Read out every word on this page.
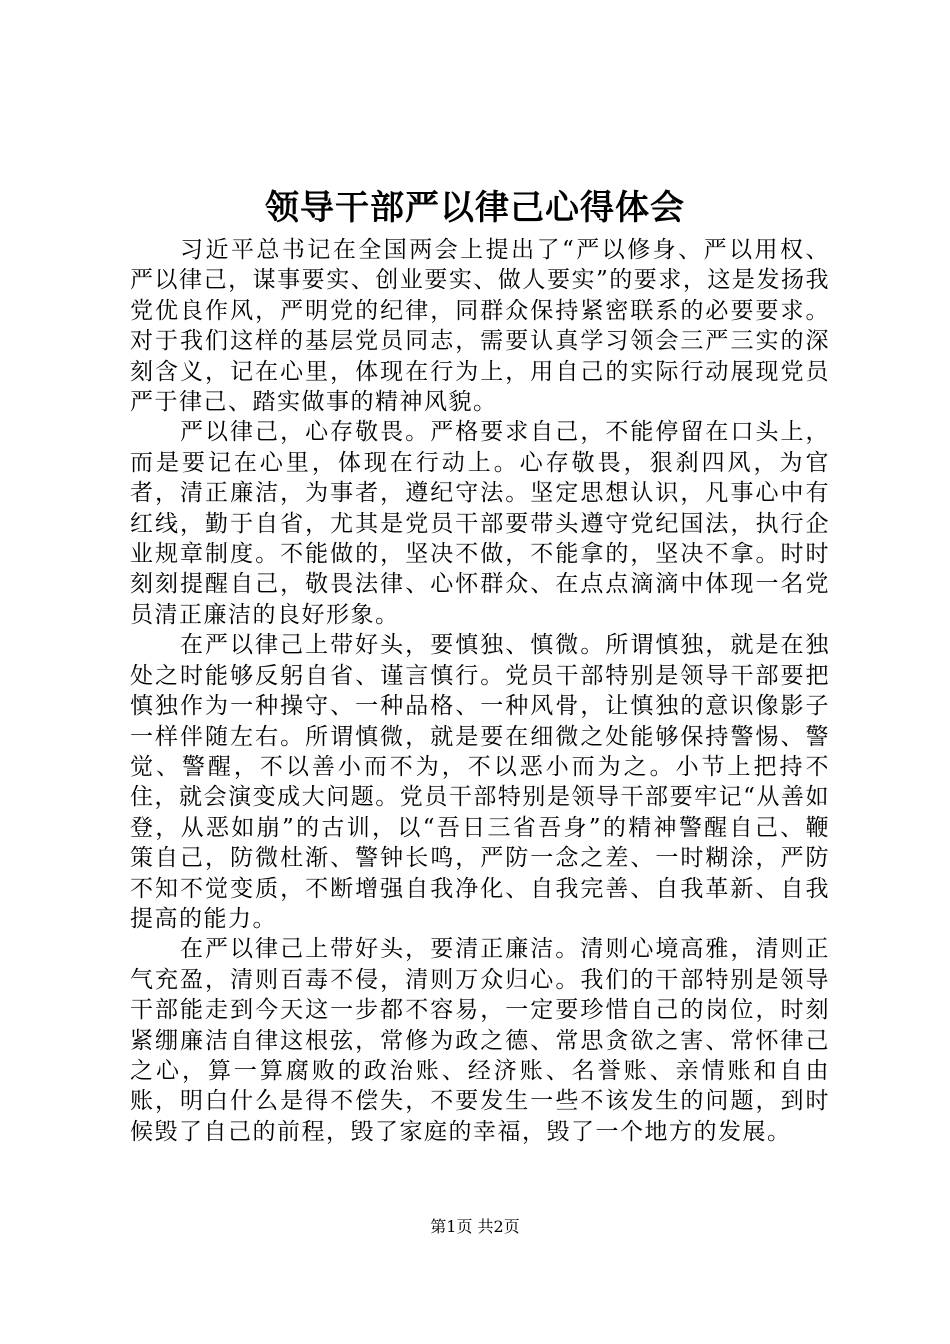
领导干部严以律己心得体会

习近平总书记在全国两会上提出了“严以修身、严以用权、严以律己，谋事要实、创业要实、做人要实”的要求，这是发扬我党优良作风，严明党的纪律，同群众保持紧密联系的必要要求。对于我们这样的基层党员同志，需要认真学习领会三严三实的深刻含义，记在心里，体现在行为上，用自己的实际行动展现党员严于律己、踏实做事的精神风貌。

严以律己，心存敬畏。严格要求自己，不能停留在口头上，而是要记在心里，体现在行动上。心存敬畏，狠刹四风，为官者，清正廉洁，为事者，遵纪守法。坚定思想认识，凡事心中有红线，勤于自省，尤其是党员干部要带头遵守党纪国法，执行企业规章制度。不能做的，坚决不做，不能拿的，坚决不拿。时时刻刻提醒自己，敬畏法律、心怀群众、在点点滴滴中体现一名党员清正廉洁的良好形象。

在严以律己上带好头，要慎独、慎微。所谓慎独，就是在独处之时能够反躬自省、谨言慎行。党员干部特别是领导干部要把慎独作为一种操守、一种品格、一种风骨，让慎独的意识像影子一样伴随左右。所谓慎微，就是要在细微之处能够保持警惕、警觉、警醒，不以善小而不为，不以恶小而为之。小节上把持不住，就会演变成大问题。党员干部特别是领导干部要牢记“从善如登，从恶如崩”的古训，以“吾日三省吾身”的精神警醒自己、鞭策自己，防微杜渐、警钟长鸣，严防一念之差、一时糊涂，严防不知不觉变质，不断增强自我净化、自我完善、自我革新、自我提高的能力。

在严以律己上带好头，要清正廉洁。清则心境高雅，清则正气充盈，清则百毒不侵，清则万众归心。我们的干部特别是领导干部能走到今天这一步都不容易，一定要珍惜自己的岗位，时刻紧绷廉洁自律这根弦，常修为政之德、常思贪欲之害、常怀律己之心，算一算腐败的政治账、经济账、名誉账、亲情账和自由账，明白什么是得不偿失，不要发生一些不该发生的问题，到时候毁了自己的前程，毁了家庭的幸福，毁了一个地方的发展。

第1页 共2页
